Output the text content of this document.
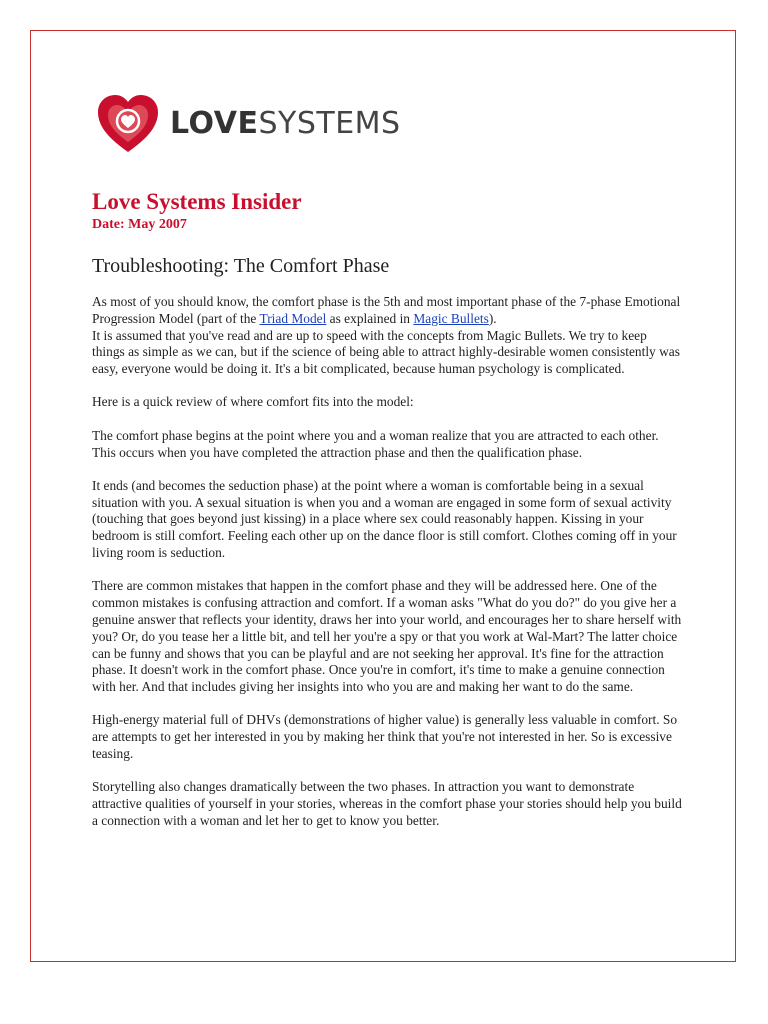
LOVESYSTEMS
Love Systems Insider

Date: May 2007

Troubleshooting: The Comfort Phase

As most of you should know, the comfort phase is the 5th and most important phase of the 7-phase Emotional Progression Model (part of the Triad Model as explained in Magic Bullets).
It is assumed that you've read and are up to speed with the concepts from Magic Bullets. We try to keep things as simple as we can, but if the science of being able to attract highly-desirable women consistently was easy, everyone would be doing it. It's a bit complicated, because human psychology is complicated.

Here is a quick review of where comfort fits into the model:

The comfort phase begins at the point where you and a woman realize that you are attracted to each other. This occurs when you have completed the attraction phase and then the qualification phase.

It ends (and becomes the seduction phase) at the point where a woman is comfortable being in a sexual situation with you. A sexual situation is when you and a woman are engaged in some form of sexual activity (touching that goes beyond just kissing) in a place where sex could reasonably happen. Kissing in your bedroom is still comfort. Feeling each other up on the dance floor is still comfort. Clothes coming off in your living room is seduction.

There are common mistakes that happen in the comfort phase and they will be addressed here. One of the common mistakes is confusing attraction and comfort. If a woman asks "What do you do?" do you give her a genuine answer that reflects your identity, draws her into your world, and encourages her to share herself with you? Or, do you tease her a little bit, and tell her you're a spy or that you work at Wal-Mart? The latter choice can be funny and shows that you can be playful and are not seeking her approval. It's fine for the attraction phase. It doesn't work in the comfort phase. Once you're in comfort, it's time to make a genuine connection with her. And that includes giving her insights into who you are and making her want to do the same.

High-energy material full of DHVs (demonstrations of higher value) is generally less valuable in comfort. So are attempts to get her interested in you by making her think that you're not interested in her. So is excessive teasing.

Storytelling also changes dramatically between the two phases. In attraction you want to demonstrate attractive qualities of yourself in your stories, whereas in the comfort phase your stories should help you build a connection with a woman and let her to get to know you better.
